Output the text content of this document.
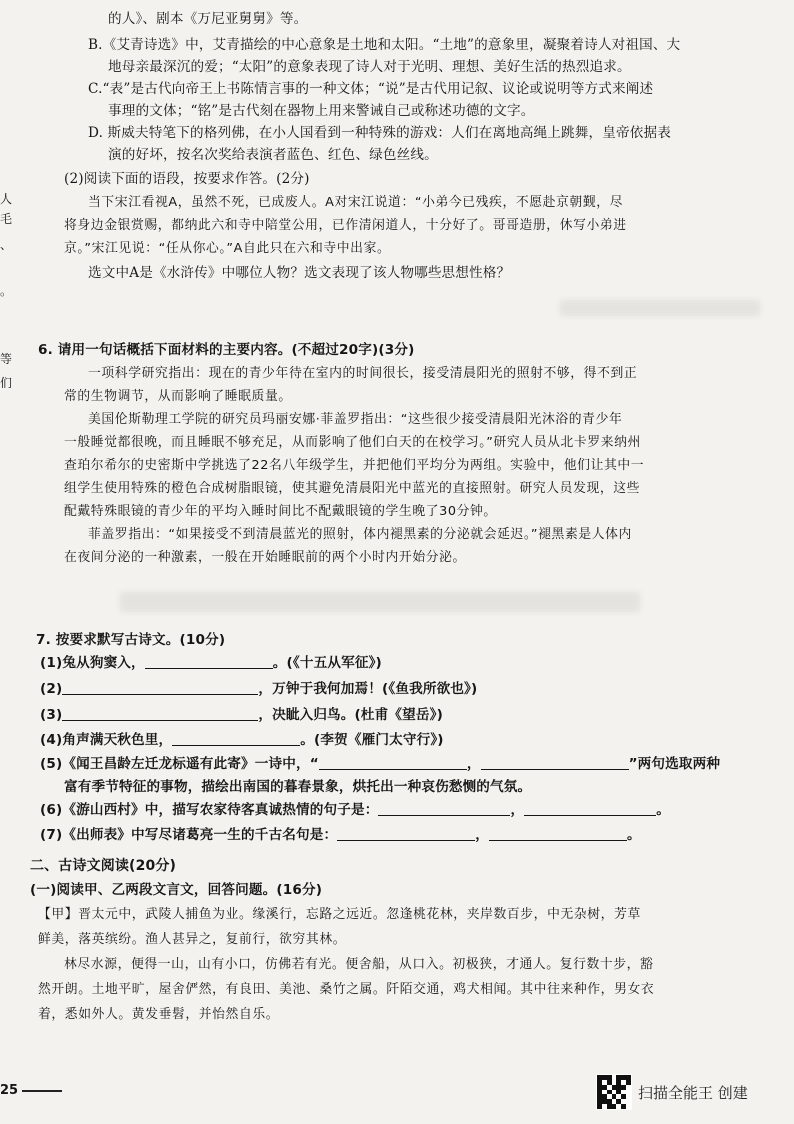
的人》、剧本《万尼亚舅舅》等。
B.《艾青诗选》中，艾青描绘的中心意象是土地和太阳。“土地”的意象里，凝聚着诗人对祖国、大
地母亲最深沉的爱；“太阳”的意象表现了诗人对于光明、理想、美好生活的热烈追求。
C.“表”是古代向帝王上书陈情言事的一种文体；“说”是古代用记叙、议论或说明等方式来阐述
事理的文体；“铭”是古代刻在器物上用来警诫自己或称述功德的文字。
D. 斯威夫特笔下的格列佛，在小人国看到一种特殊的游戏：人们在离地高绳上跳舞，皇帝依据表
演的好坏，按名次奖给表演者蓝色、红色、绿色丝线。
(2)阅读下面的语段，按要求作答。(2分)
当下宋江看视A，虽然不死，已成废人。A对宋江说道：“小弟今已残疾，不愿赴京朝觐，尽
将身边金银赏赐，都纳此六和寺中陪堂公用，已作清闲道人，十分好了。哥哥造册，休写小弟进
京。”宋江见说：“任从你心。”A自此只在六和寺中出家。
选文中A是《水浒传》中哪位人物？选文表现了该人物哪些思想性格？
6. 请用一句话概括下面材料的主要内容。(不超过20字)(3分)
一项科学研究指出：现在的青少年待在室内的时间很长，接受清晨阳光的照射不够，得不到正
常的生物调节，从而影响了睡眠质量。
美国伦斯勒理工学院的研究员玛丽安娜·菲盖罗指出：“这些很少接受清晨阳光沐浴的青少年
一般睡觉都很晚，而且睡眠不够充足，从而影响了他们白天的在校学习。”研究人员从北卡罗来纳州
查珀尔希尔的史密斯中学挑选了22名八年级学生，并把他们平均分为两组。实验中，他们让其中一
组学生使用特殊的橙色合成树脂眼镜，使其避免清晨阳光中蓝光的直接照射。研究人员发现，这些
配戴特殊眼镜的青少年的平均入睡时间比不配戴眼镜的学生晚了30分钟。
菲盖罗指出：“如果接受不到清晨蓝光的照射，体内褪黑素的分泌就会延迟。”褪黑素是人体内
在夜间分泌的一种激素，一般在开始睡眠前的两个小时内开始分泌。
7. 按要求默写古诗文。(10分)
富有季节特征的事物，描绘出南国的暮春景象，烘托出一种哀伤愁恻的气氛。
二、古诗文阅读(20分)
(一)阅读甲、乙两段文言文，回答问题。(16分)
【甲】晋太元中，武陵人捕鱼为业。缘溪行，忘路之远近。忽逢桃花林，夹岸数百步，中无杂树，芳草
鲜美，落英缤纷。渔人甚异之，复前行，欲穷其林。
林尽水源，便得一山，山有小口，仿佛若有光。便舍船，从口入。初极狭，才通人。复行数十步，豁
然开朗。土地平旷，屋舍俨然，有良田、美池、桑竹之属。阡陌交通，鸡犬相闻。其中往来种作，男女衣
着，悉如外人。黄发垂髫，并怡然自乐。
(1)兔从狗窦入，	。(《十五从军征》)
(2)	，万钟于我何加焉！(《鱼我所欲也》)
(3)	，决眦入归鸟。(杜甫《望岳》)
(4)角声满天秋色里，	。(李贺《雁门太守行》)
(5)《闻王昌龄左迁龙标遥有此寄》一诗中，“	，	”两句选取两种
(6)《游山西村》中，描写农家待客真诚热情的句子是：	，	。
(7)《出师表》中写尽诸葛亮一生的千古名句是：	，	。
人
毛
、
。
等
们
25	扫描全能王 创建
